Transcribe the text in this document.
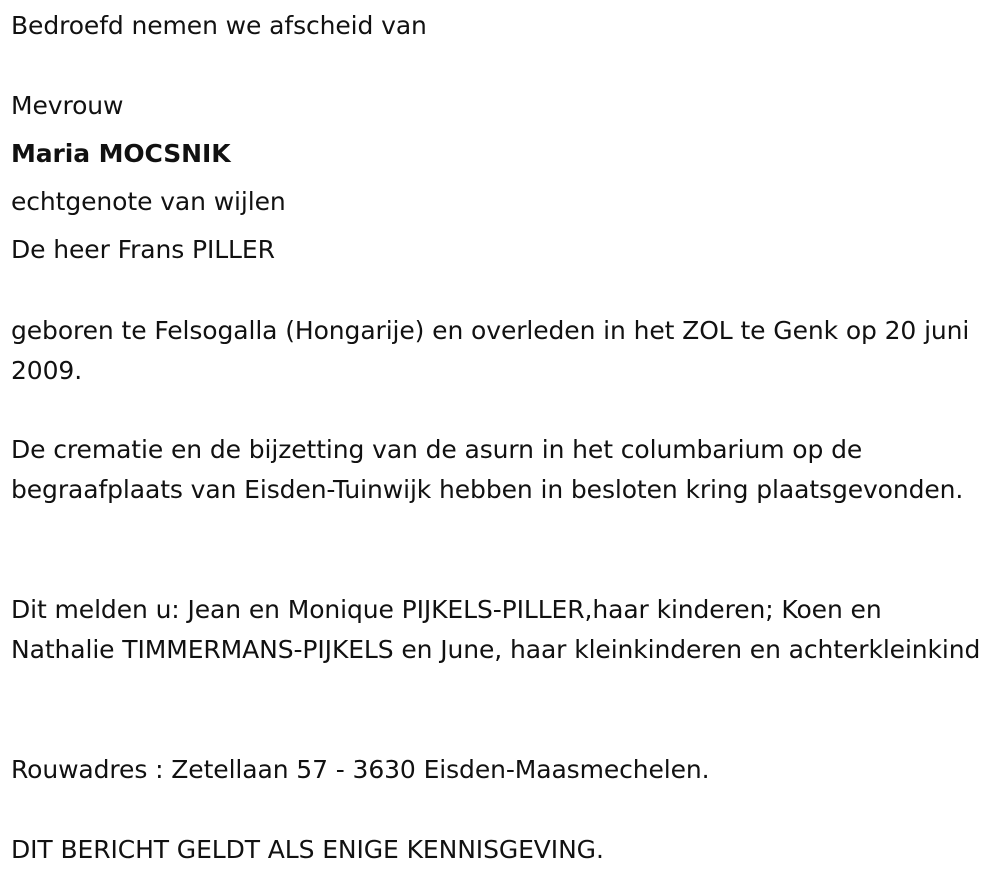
Bedroefd nemen we afscheid van
Mevrouw
Maria MOCSNIK
echtgenote van wijlen
De heer Frans PILLER
geboren te Felsogalla (Hongarije) en overleden in het ZOL te Genk op 20 juni 2009.
De crematie en de bijzetting van de asurn in het columbarium op de begraafplaats van Eisden-Tuinwijk hebben in besloten kring plaatsgevonden.
Dit melden u: Jean en Monique PIJKELS-PILLER,haar kinderen; Koen en Nathalie TIMMERMANS-PIJKELS en June, haar kleinkinderen en achterkleinkind
Rouwadres : Zetellaan 57 - 3630 Eisden-Maasmechelen.
DIT BERICHT GELDT ALS ENIGE KENNISGEVING.
